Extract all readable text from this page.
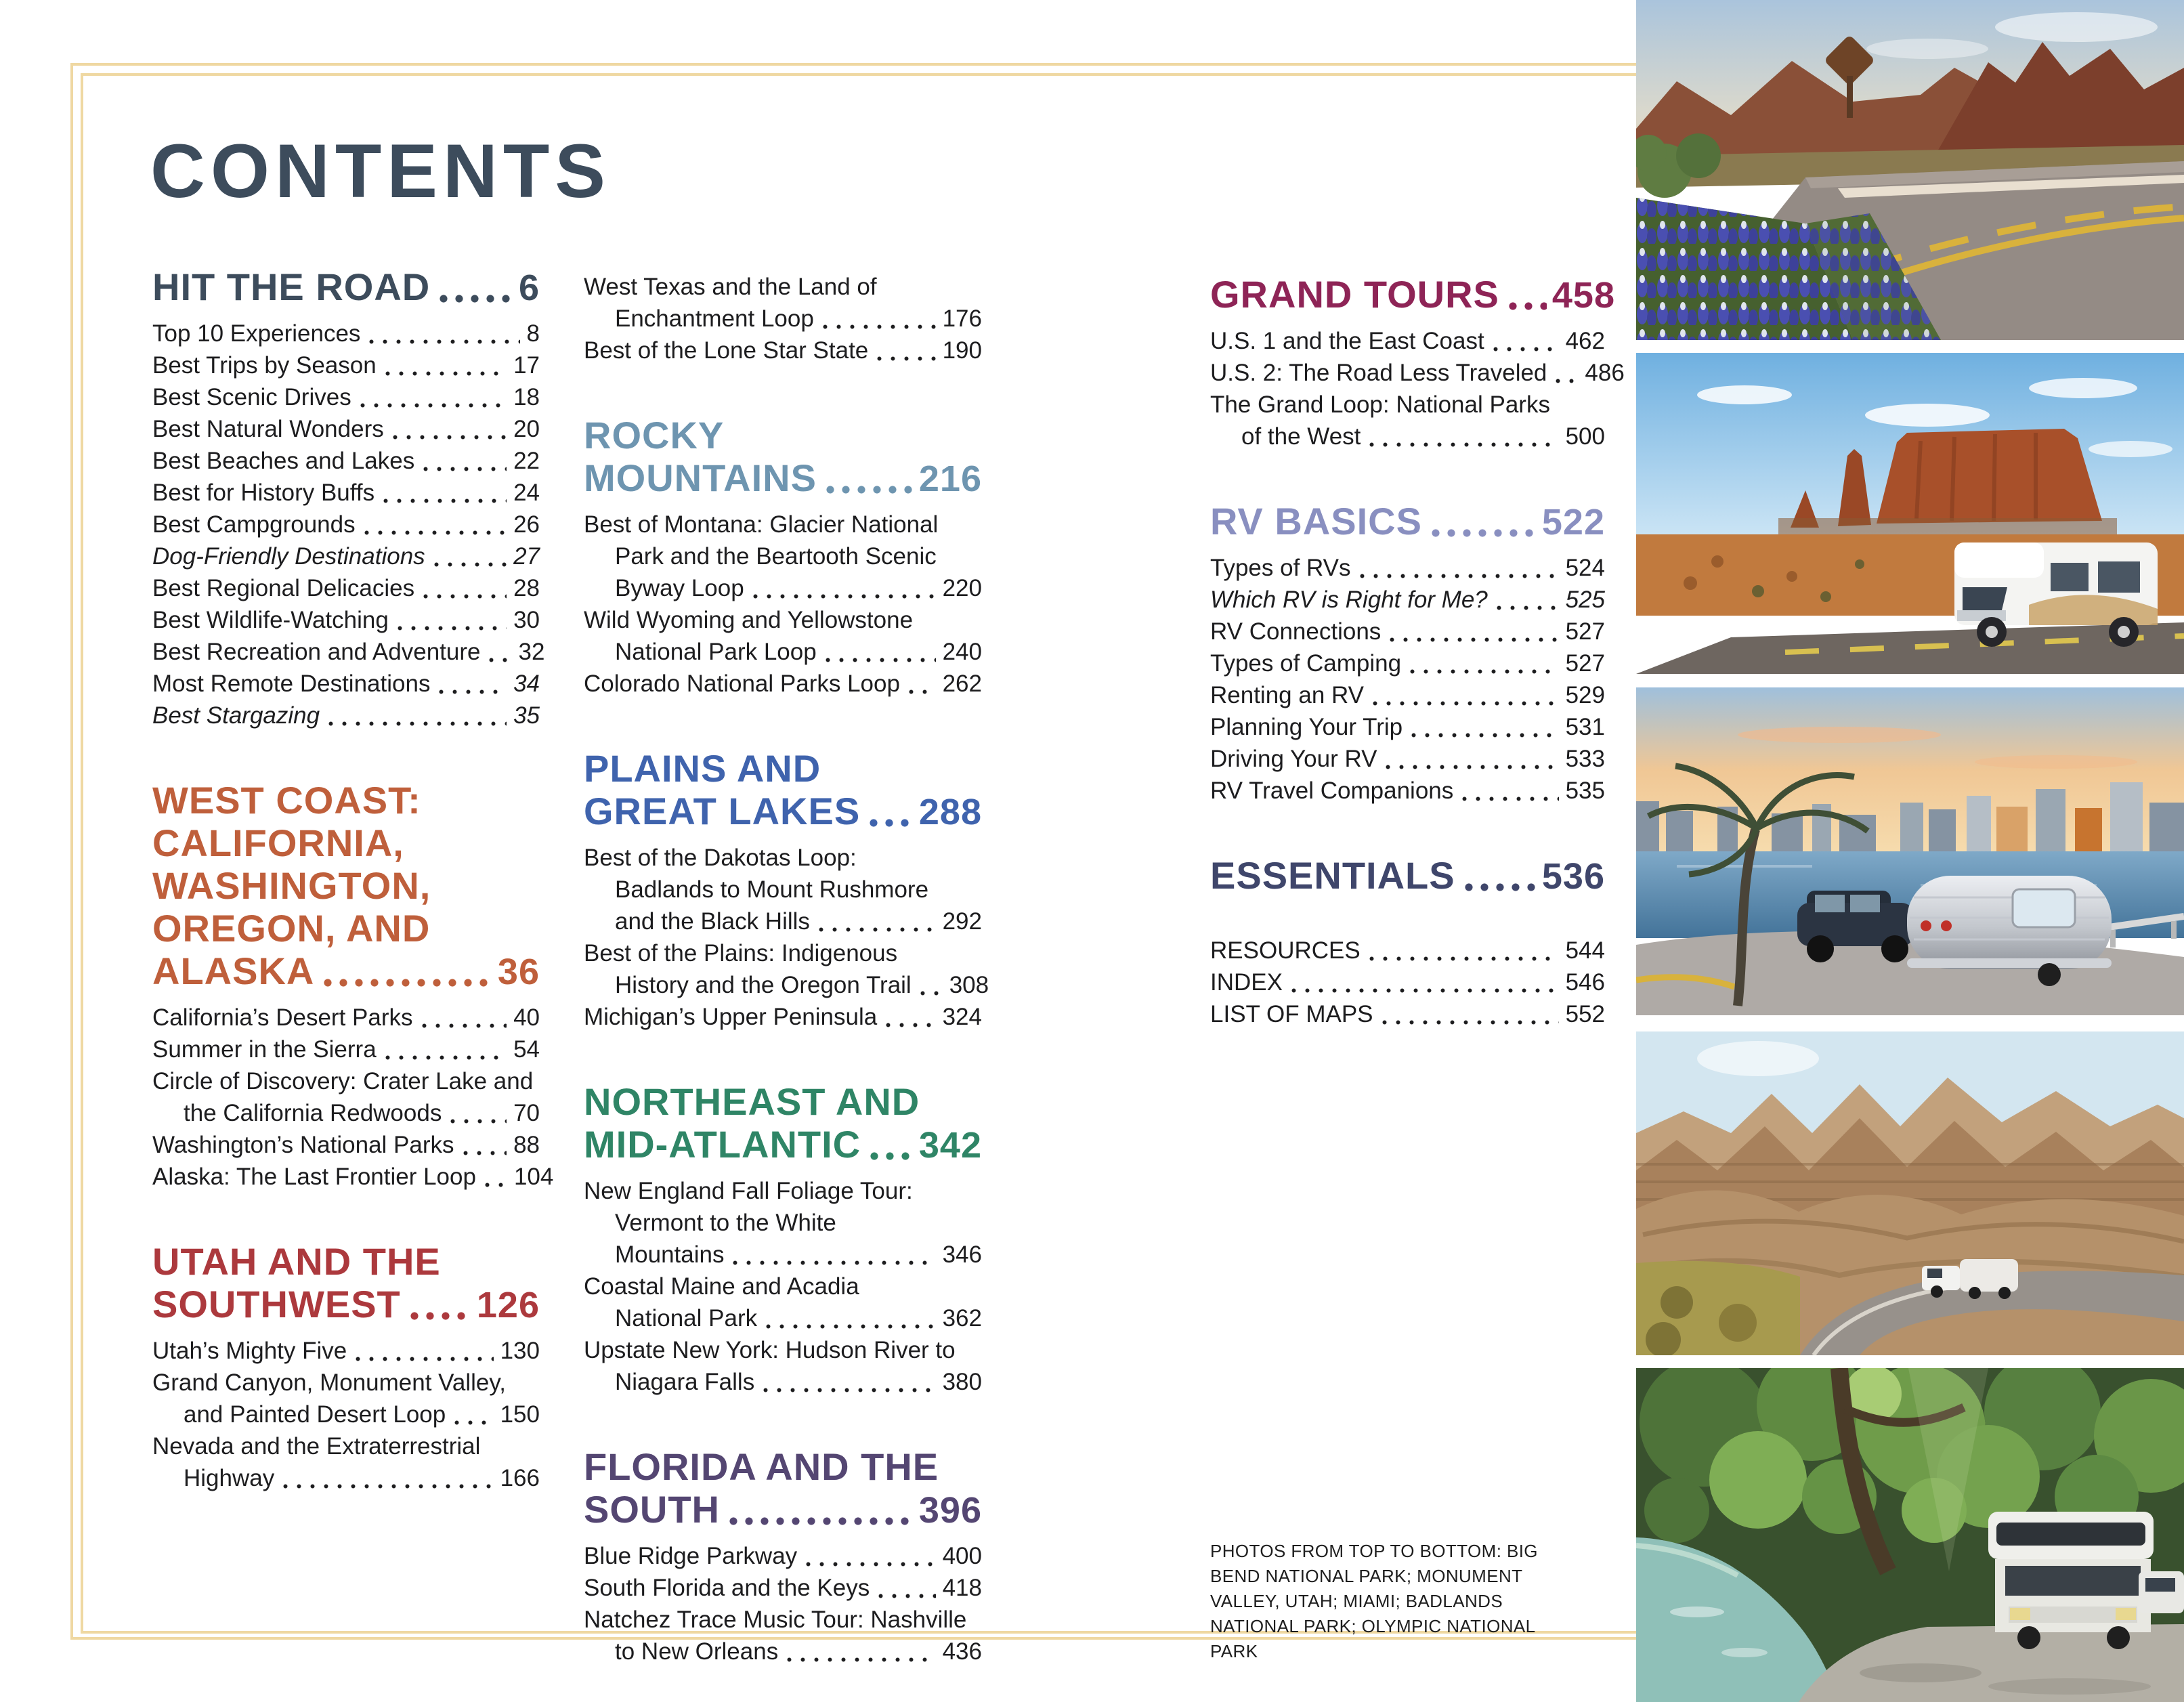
CONTENTS
HIT THE ROAD 6
Top 10 Experiences	8
Best Trips by Season	17
Best Scenic Drives	18
Best Natural Wonders	20
Best Beaches and Lakes	22
Best for History Buffs	24
Best Campgrounds	26
Dog-Friendly Destinations	27
Best Regional Delicacies	28
Best Wildlife-Watching	30
Best Recreation and Adventure 32
Most Remote Destinations	34
Best Stargazing	35
WEST COAST:
CALIFORNIA,
WASHINGTON,
OREGON, AND
ALASKA	36
California’s Desert Parks	40
Summer in the Sierra	54
Circle of Discovery: Crater Lake and
the California Redwoods	70
Washington’s National Parks	88
Alaska: The Last Frontier Loop 104
UTAH AND THE
SOUTHWEST 126
Utah’s Mighty Five	130
Grand Canyon, Monument Valley,
and Painted Desert Loop 150
Nevada and the Extraterrestrial
Highway	166
West Texas and the Land of
Enchantment Loop	176
Best of the Lone Star State	190
ROCKY
MOUNTAINS	216
Best of Montana: Glacier National
Park and the Beartooth Scenic
Byway Loop	220
Wild Wyoming and Yellowstone
National Park Loop	240
Colorado National Parks Loop 262
PLAINS AND
GREAT LAKES 288
Best of the Dakotas Loop:
Badlands to Mount Rushmore
and the Black Hills	292
Best of the Plains: Indigenous
History and the Oregon Trail 308
Michigan’s Upper Peninsula	324
NORTHEAST AND
MID-ATLANTIC 342
New England Fall Foliage Tour:
Vermont to the White
Mountains	346
Coastal Maine and Acadia
National Park	362
Upstate New York: Hudson River to
Niagara Falls	380
FLORIDA AND THE
SOUTH	396
Blue Ridge Parkway	400
South Florida and the Keys	418
Natchez Trace Music Tour: Nashville
to New Orleans	436
GRAND TOURS 458
U.S. 1 and the East Coast	462
U.S. 2: The Road Less Traveled 486
The Grand Loop: National Parks
of the West	500
RV BASICS	522
Types of RVs	524
Which RV is Right for Me?	525
RV Connections	527
Types of Camping	527
Renting an RV	529
Planning Your Trip	531
Driving Your RV	533
RV Travel Companions	535
ESSENTIALS 536
RESOURCES	544
INDEX	546
LIST OF MAPS	552
PHOTOS FROM TOP TO BOTTOM: BIG BEND NATIONAL PARK; MONUMENT VALLEY, UTAH; MIAMI; BADLANDS NATIONAL PARK; OLYMPIC NATIONAL PARK
